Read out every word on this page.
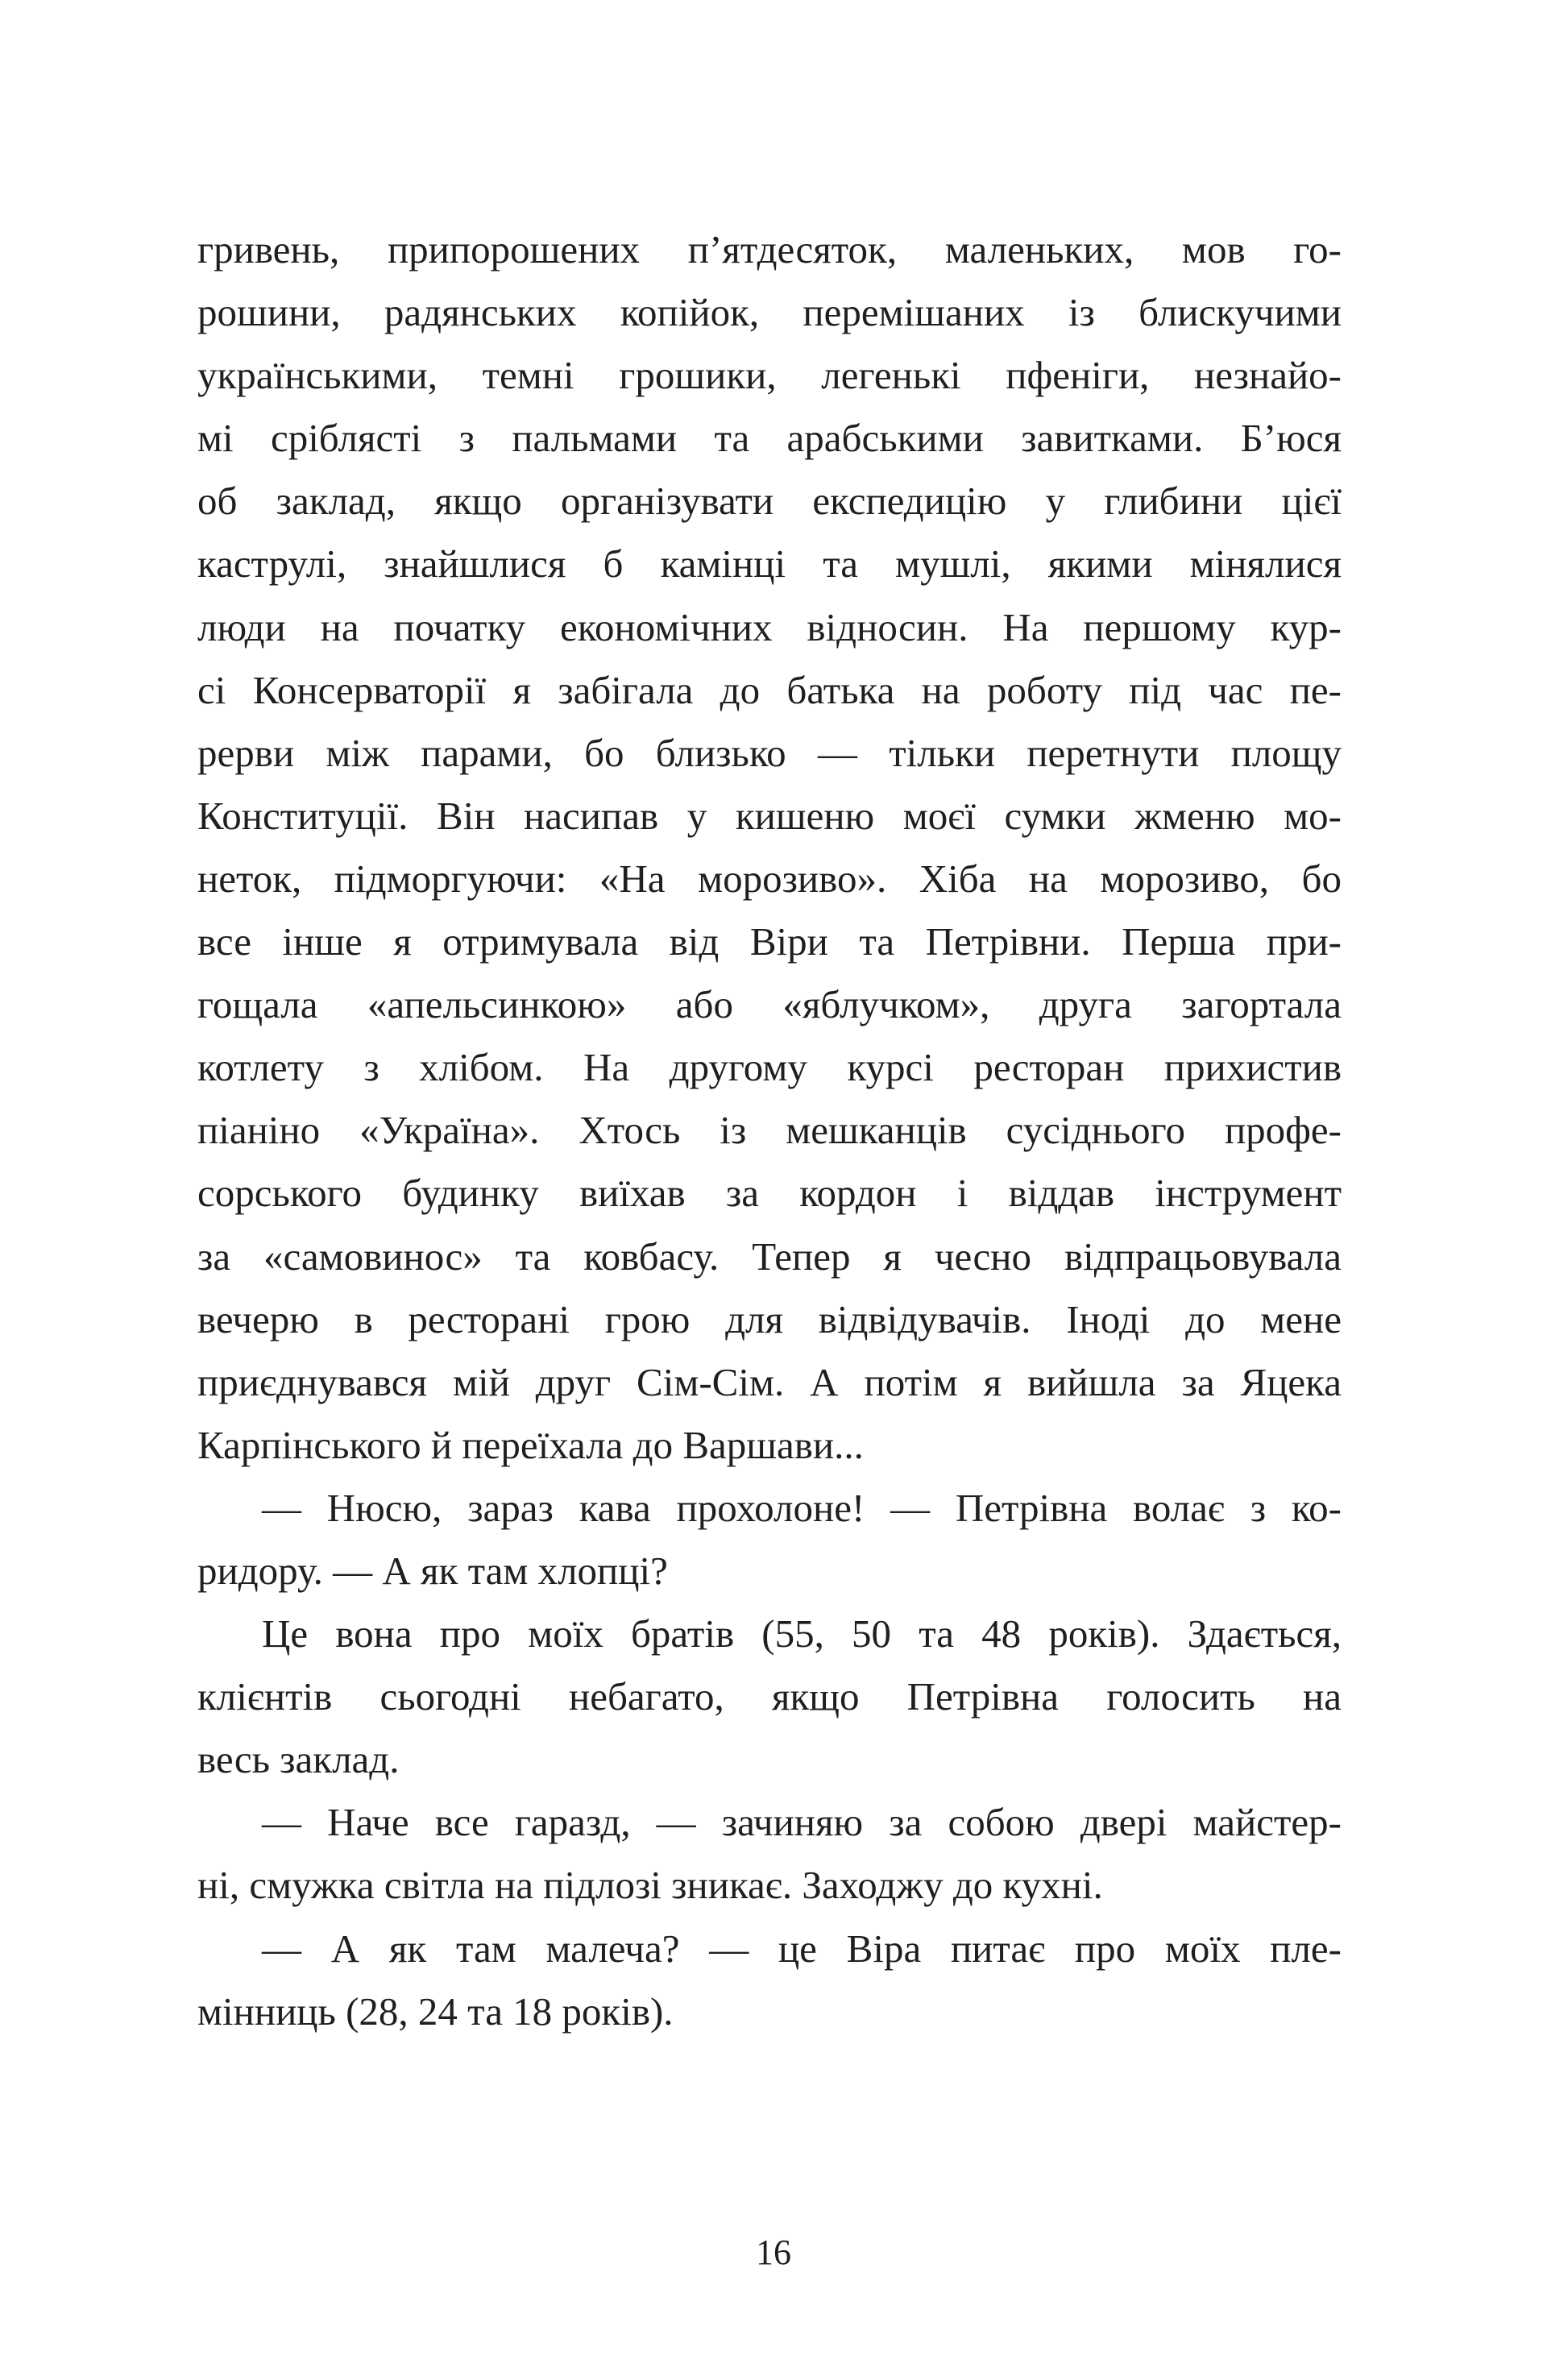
гривень, припорошених п’ятдесяток, маленьких, мов го-
рошини, радянських копійок, перемішаних із блискучими
українськими, темні грошики, легенькі пфеніги, незнайо-
мі сріблясті з пальмами та арабськими завитками. Б’юся
об заклад, якщо організувати експедицію у глибини цієї
каструлі, знайшлися б камінці та мушлі, якими мінялися
люди на початку економічних відносин. На першому кур-
сі Консерваторії я забігала до батька на роботу під час пе-
рерви між парами, бо близько — тільки перетнути площу
Конституції. Він насипав у кишеню моєї сумки жменю мо-
неток, підморгуючи: «На морозиво». Хіба на морозиво, бо
все інше я отримувала від Віри та Петрівни. Перша при-
гощала «апельсинкою» або «яблучком», друга загортала
котлету з хлібом. На другому курсі ресторан прихистив
піаніно «Україна». Хтось із мешканців сусіднього профе-
сорського будинку виїхав за кордон і віддав інструмент
за «самовинос» та ковбасу. Тепер я чесно відпрацьовувала
вечерю в ресторані грою для відвідувачів. Іноді до мене
приєднувався мій друг Сім-Сім. А потім я вийшла за Яцека
Карпінського й переїхала до Варшави...
— Нюсю, зараз кава прохолоне! — Петрівна волає з ко-
ридору. — А як там хлопці?
Це вона про моїх братів (55, 50 та 48 років). Здається,
клієнтів сьогодні небагато, якщо Петрівна голосить на
весь заклад.
— Наче все гаразд, — зачиняю за собою двері майстер-
ні, смужка світла на підлозі зникає. Заходжу до кухні.
— А як там малеча? — це Віра питає про моїх пле-
мінниць (28, 24 та 18 років).
16
